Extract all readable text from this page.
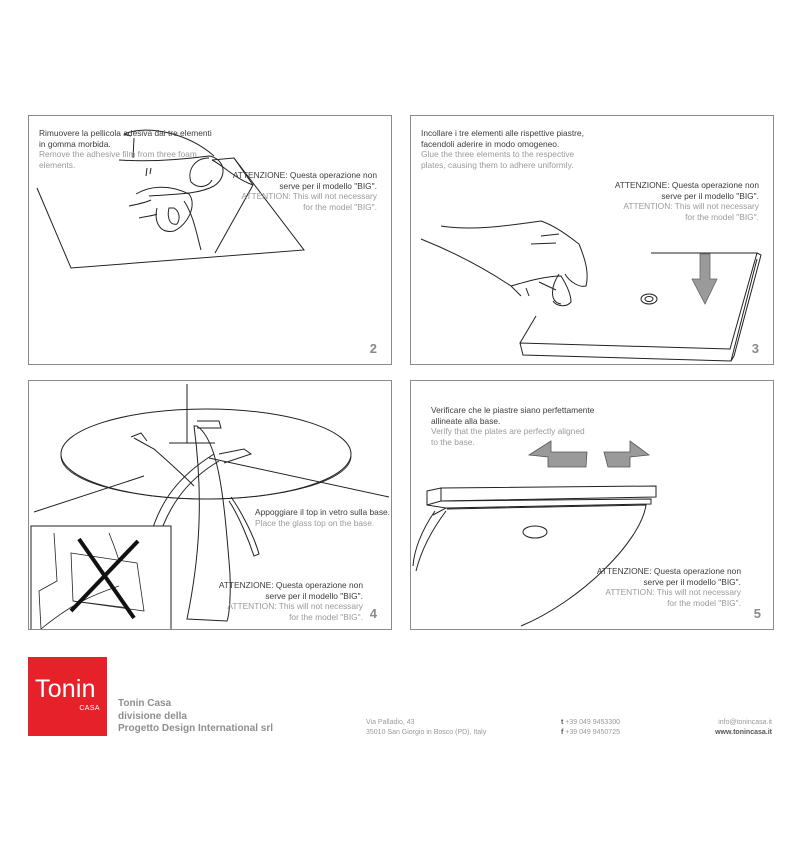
Rimuovere la pellicola adesiva dai tre elementi
in gomma morbida.
Remove the adhesive film from three foam
elements.
ATTENZIONE: Questa operazione non
serve per il modello "BIG".
ATTENTION: This will not necessary
for the model "BIG".
2
Incollare i tre elementi alle rispettive piastre,
facendoli aderire in modo omogeneo.
Glue the three elements to the respective
plates, causing them to adhere uniformly.
ATTENZIONE: Questa operazione non
serve per il modello "BIG".
ATTENTION: This will not necessary
for the model "BIG".
3
Appoggiare il top in vetro sulla base.
Place the glass top on the base.
ATTENZIONE: Questa operazione non
serve per il modello "BIG".
ATTENTION: This will not necessary
for the model "BIG". 4
Verificare che le piastre siano perfettamente
allineate alla base.
Verify that the plates are perfectly aligned
to the base.
ATTENZIONE: Questa operazione non
serve per il modello "BIG".
ATTENTION: This will not necessary
for the model "BIG".
5
Tonin
CASA Tonin Casa
divisione della
Progetto Design International srl
Via Palladio, 43
35010 San Giorgio in Bosco (PD), Italy
t +39 049 9453300
f +39 049 9450725
info@tonincasa.it
www.tonincasa.it
